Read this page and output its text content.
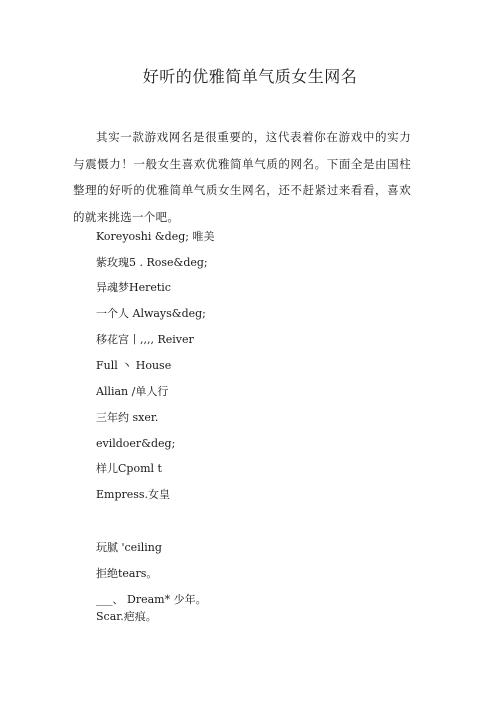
好听的优雅简单气质女生网名
其实一款游戏网名是很重要的，这代表着你在游戏中的实力与震慑力！一般女生喜欢优雅简单气质的网名。下面全是由国柱整理的好听的优雅简单气质女生网名，还不赶紧过来看看，喜欢的就来挑选一个吧。
Koreyoshi &deg; 唯美
紫玫瑰5 . Rose&deg;
异魂梦Heretic
一个人 Always&deg;
移花宫丨,,,, Reiver
Full 丶 House
Allian /单人行
三年约 sxer.
evildoer&deg;
样儿Cpoml t
Empress.女皇
玩腻 'ceiling
拒绝tears。
___、 Dream* 少年。
Scar.疤痕。
